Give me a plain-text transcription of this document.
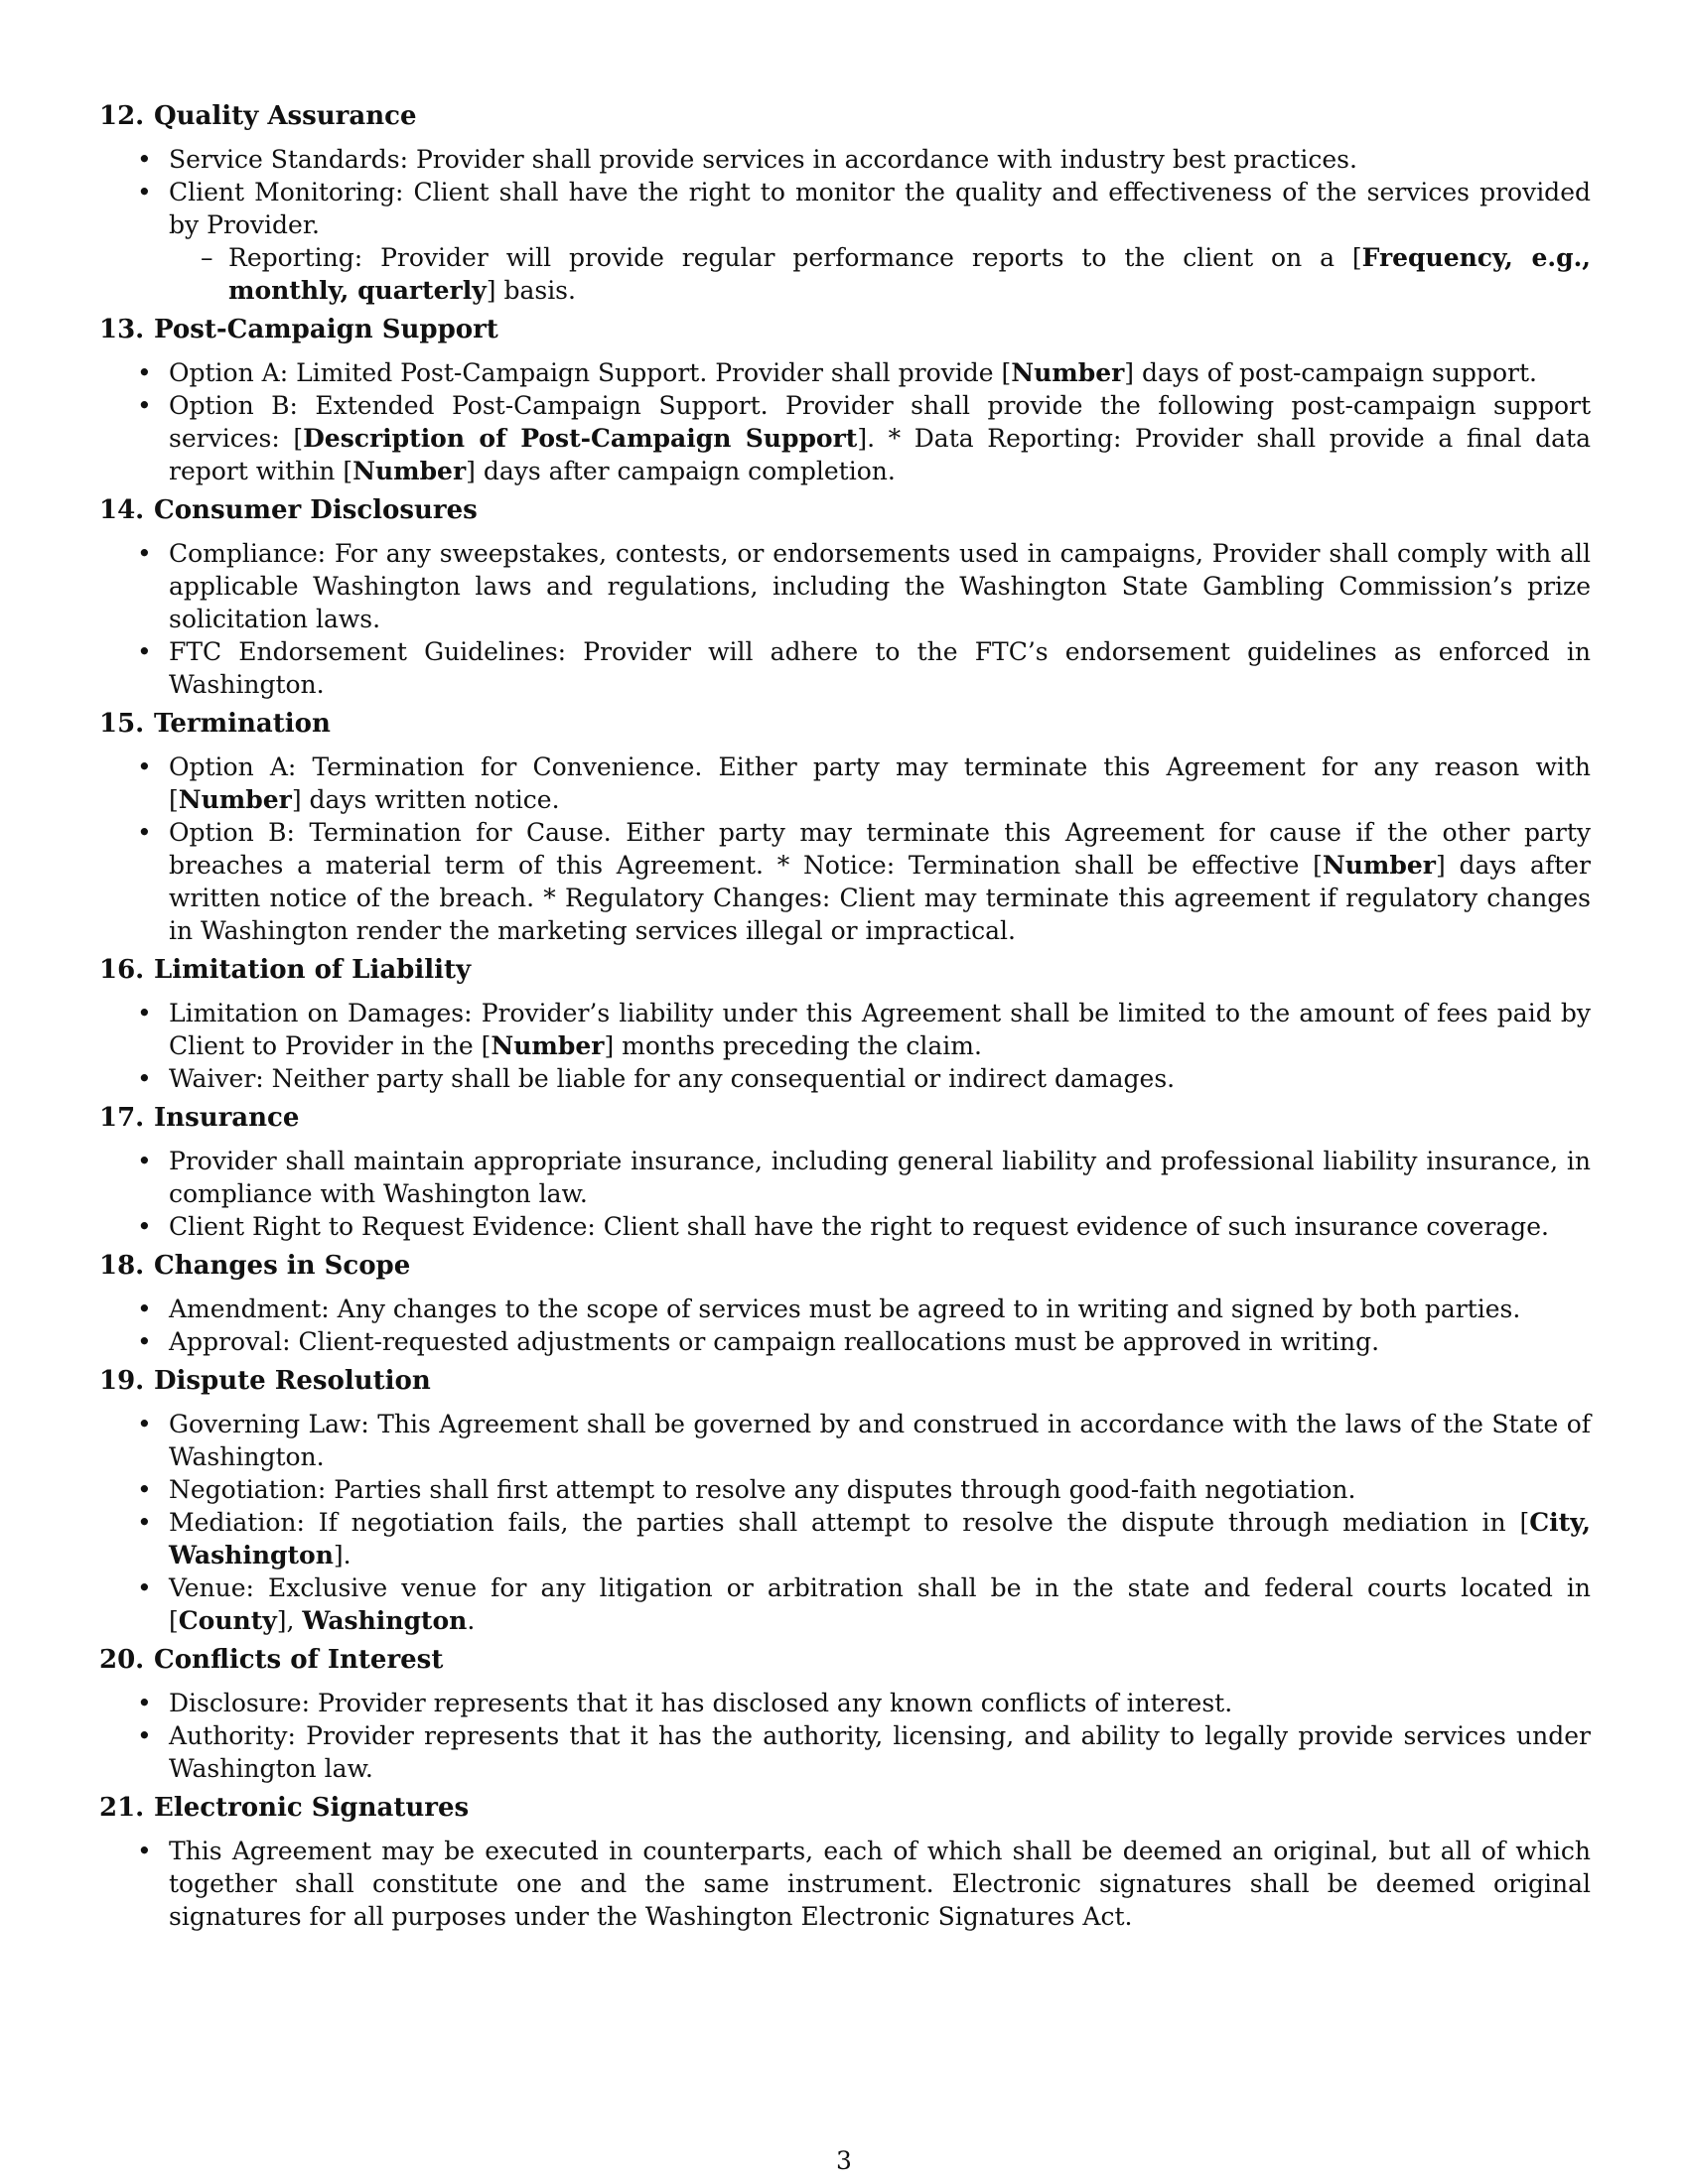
12. Quality Assurance
• Service Standards: Provider shall provide services in accordance with industry best practices.
• Client Monitoring: Client shall have the right to monitor the quality and effectiveness of the services provided by Provider.
– Reporting: Provider will provide regular performance reports to the client on a [Frequency, e.g., monthly, quarterly] basis.
13. Post-Campaign Support
• Option A: Limited Post-Campaign Support. Provider shall provide [Number] days of post-campaign support.
• Option B: Extended Post-Campaign Support. Provider shall provide the following post-campaign support services: [Description of Post-Campaign Support]. * Data Reporting: Provider shall provide a final data report within [Number] days after campaign completion.
14. Consumer Disclosures
• Compliance: For any sweepstakes, contests, or endorsements used in campaigns, Provider shall comply with all applicable Washington laws and regulations, including the Washington State Gambling Commission’s prize solicitation laws.
• FTC Endorsement Guidelines: Provider will adhere to the FTC’s endorsement guidelines as enforced in Washington.
15. Termination
• Option A: Termination for Convenience. Either party may terminate this Agreement for any reason with [Number] days written notice.
• Option B: Termination for Cause. Either party may terminate this Agreement for cause if the other party breaches a material term of this Agreement. * Notice: Termination shall be effective [Number] days after written notice of the breach. * Regulatory Changes: Client may terminate this agreement if regulatory changes in Washington render the marketing services illegal or impractical.
16. Limitation of Liability
• Limitation on Damages: Provider’s liability under this Agreement shall be limited to the amount of fees paid by Client to Provider in the [Number] months preceding the claim.
• Waiver: Neither party shall be liable for any consequential or indirect damages.
17. Insurance
• Provider shall maintain appropriate insurance, including general liability and professional liability insurance, in compliance with Washington law.
• Client Right to Request Evidence: Client shall have the right to request evidence of such insurance coverage.
18. Changes in Scope
• Amendment: Any changes to the scope of services must be agreed to in writing and signed by both parties.
• Approval: Client-requested adjustments or campaign reallocations must be approved in writing.
19. Dispute Resolution
• Governing Law: This Agreement shall be governed by and construed in accordance with the laws of the State of Washington.
• Negotiation: Parties shall first attempt to resolve any disputes through good-faith negotiation.
• Mediation: If negotiation fails, the parties shall attempt to resolve the dispute through mediation in [City, Washington].
• Venue: Exclusive venue for any litigation or arbitration shall be in the state and federal courts located in [County], Washington.
20. Conflicts of Interest
• Disclosure: Provider represents that it has disclosed any known conflicts of interest.
• Authority: Provider represents that it has the authority, licensing, and ability to legally provide services under Washington law.
21. Electronic Signatures
• This Agreement may be executed in counterparts, each of which shall be deemed an original, but all of which together shall constitute one and the same instrument. Electronic signatures shall be deemed original signatures for all purposes under the Washington Electronic Signatures Act.
3
